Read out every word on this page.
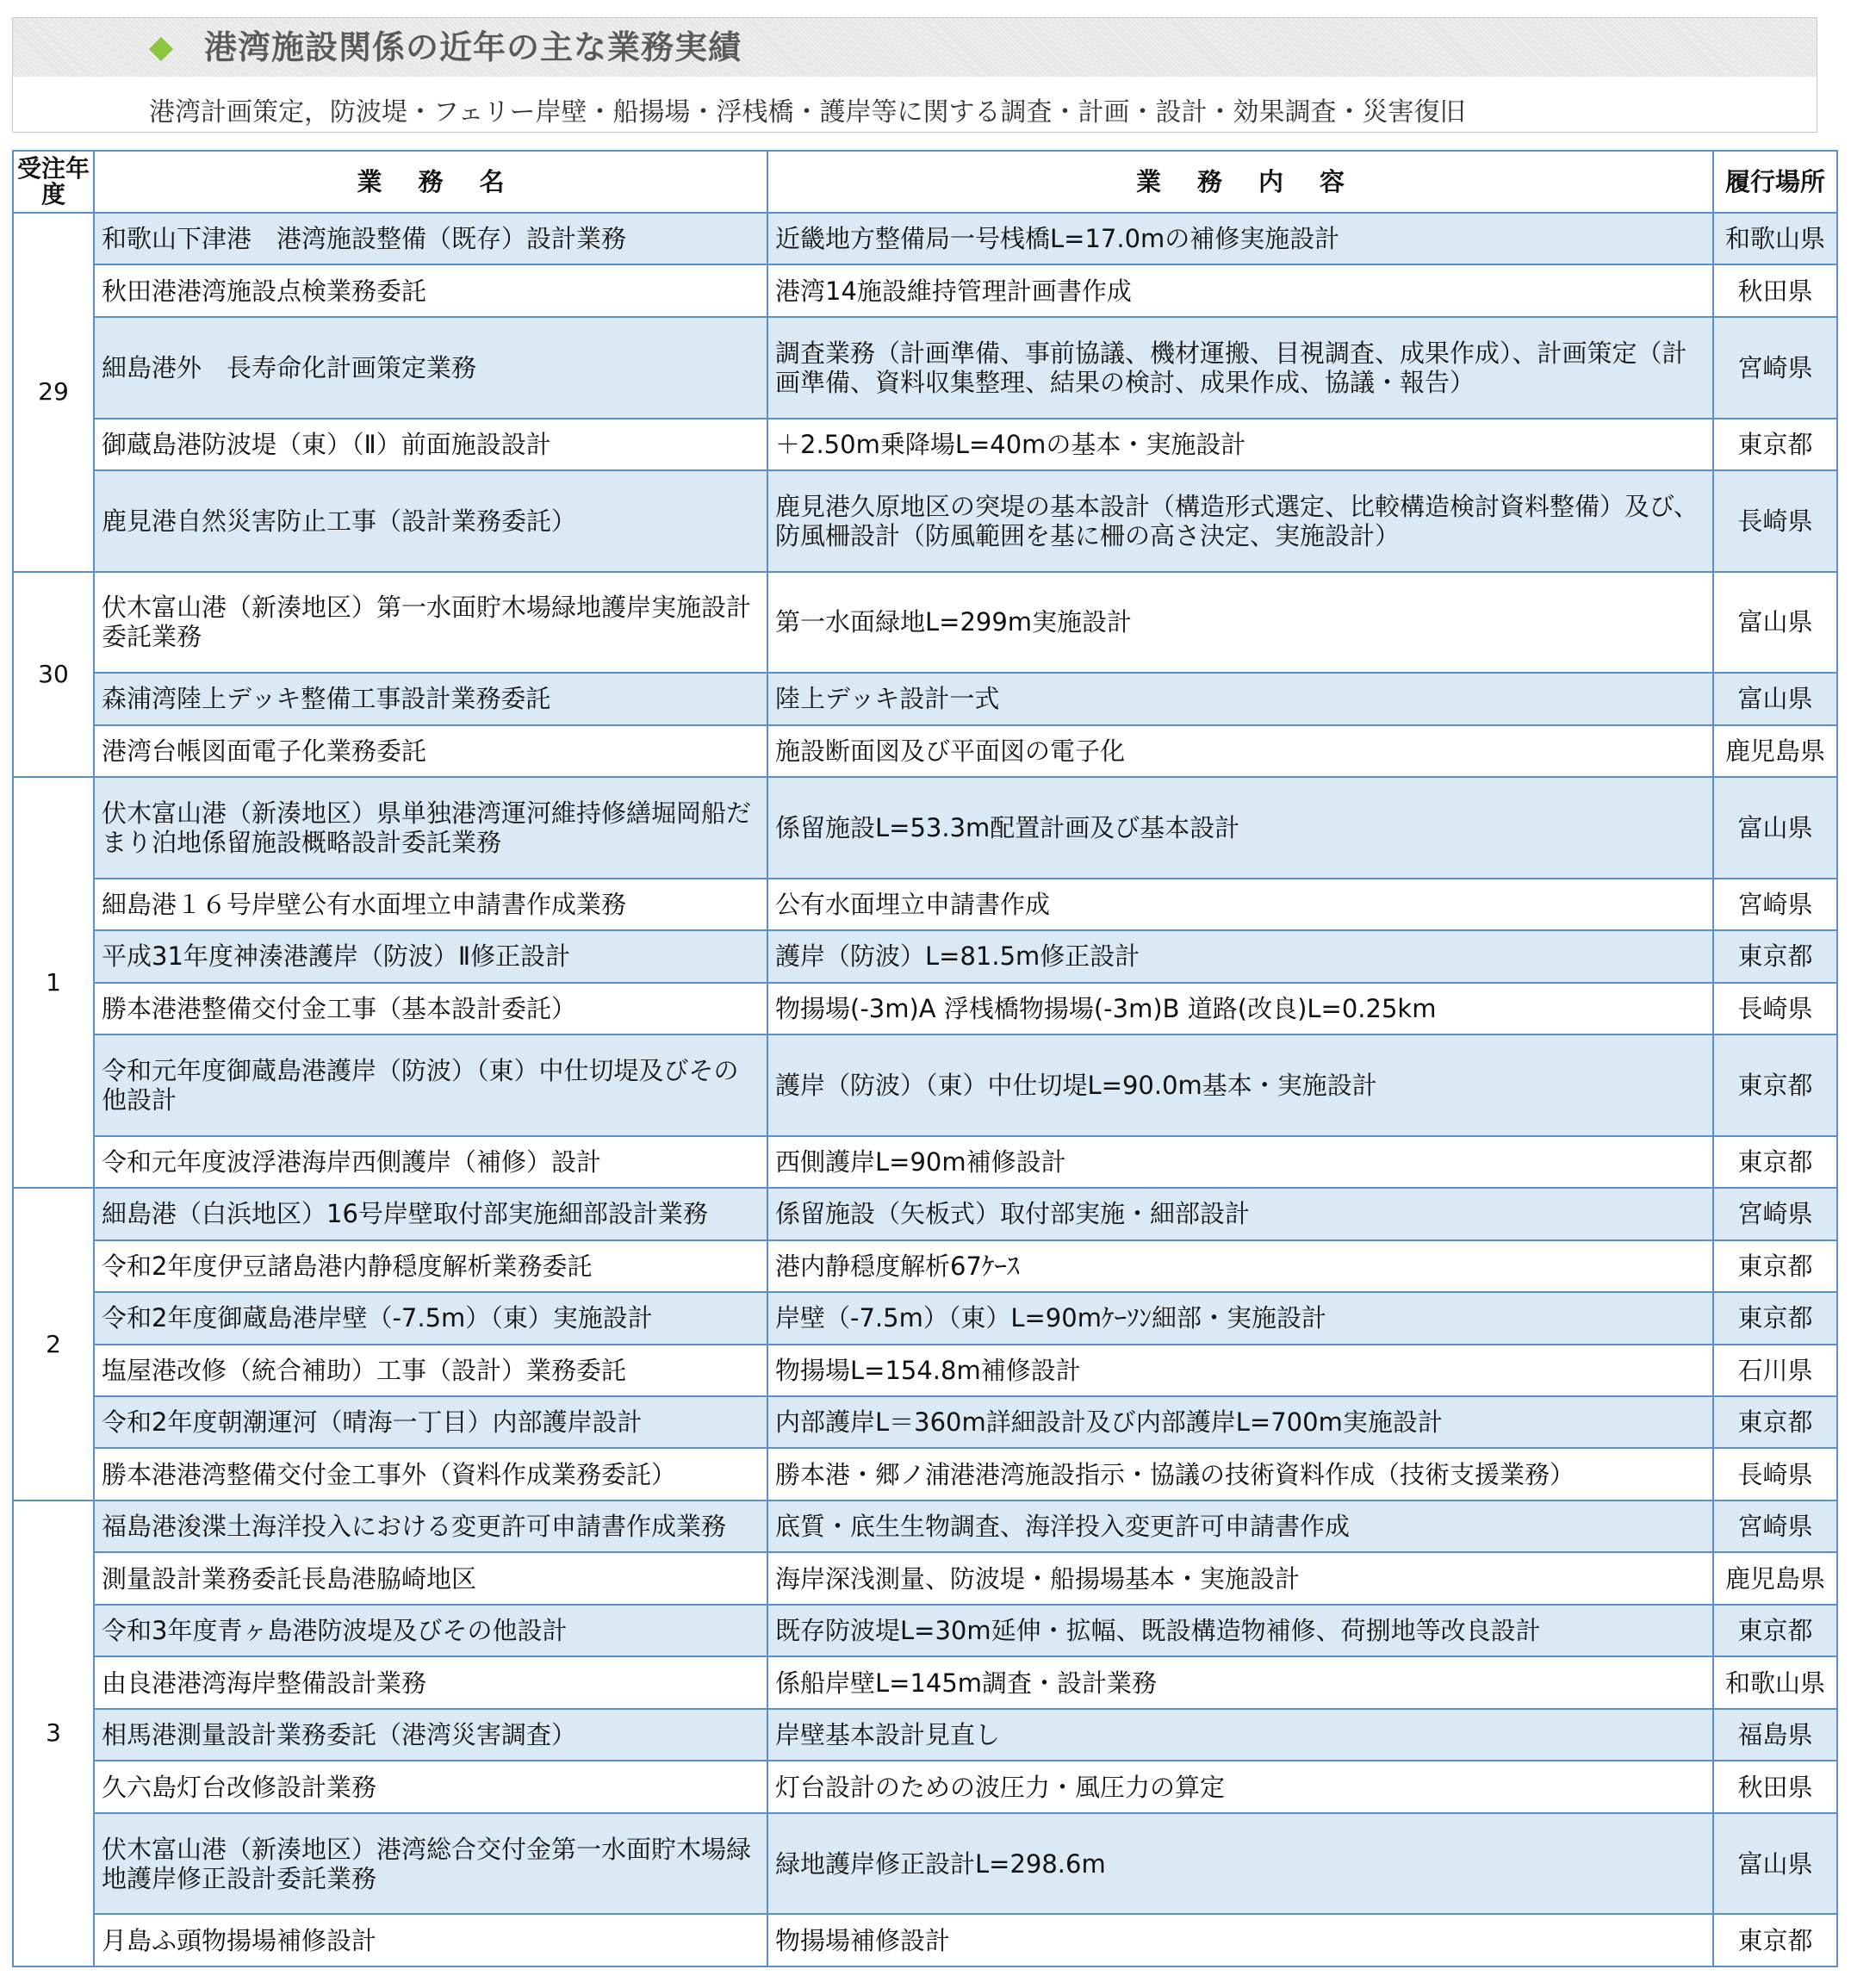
港湾施設関係の近年の主な業務実績
港湾計画策定，防波堤・フェリー岸壁・船揚場・浮桟橋・護岸等に関する調査・計画・設計・効果調査・災害復旧
受注年度	業務名	業務内容	履行場所
29	和歌山下津港　港湾施設整備（既存）設計業務	近畿地方整備局一号桟橋L=17.0mの補修実施設計	和歌山県
	秋田港港湾施設点検業務委託	港湾14施設維持管理計画書作成	秋田県
	細島港外　長寿命化計画策定業務	調査業務（計画準備、事前協議、機材運搬、目視調査、成果作成）、計画策定（計画準備、資料収集整理、結果の検討、成果作成、協議・報告）	宮崎県
	御蔵島港防波堤（東）（Ⅱ）前面施設設計	＋2.50m乗降場L=40mの基本・実施設計	東京都
	鹿見港自然災害防止工事（設計業務委託）	鹿見港久原地区の突堤の基本設計（構造形式選定、比較構造検討資料整備）及び、防風柵設計（防風範囲を基に柵の高さ決定、実施設計）	長崎県
30	伏木富山港（新湊地区）第一水面貯木場緑地護岸実施設計委託業務	第一水面緑地L=299m実施設計	富山県
	森浦湾陸上デッキ整備工事設計業務委託	陸上デッキ設計一式	富山県
	港湾台帳図面電子化業務委託	施設断面図及び平面図の電子化	鹿児島県
1	伏木富山港（新湊地区）県単独港湾運河維持修繕堀岡船だまり泊地係留施設概略設計委託業務	係留施設L=53.3m配置計画及び基本設計	富山県
	細島港１６号岸壁公有水面埋立申請書作成業務	公有水面埋立申請書作成	宮崎県
	平成31年度神湊港護岸（防波）Ⅱ修正設計	護岸（防波）L=81.5m修正設計	東京都
	勝本港港整備交付金工事（基本設計委託）	物揚場(-3m)A 浮桟橋物揚場(-3m)B 道路(改良)L=0.25km	長崎県
	令和元年度御蔵島港護岸（防波）（東）中仕切堤及びその他設計	護岸（防波）（東）中仕切堤L=90.0m基本・実施設計	東京都
	令和元年度波浮港海岸西側護岸（補修）設計	西側護岸L=90m補修設計	東京都
2	細島港（白浜地区）16号岸壁取付部実施細部設計業務	係留施設（矢板式）取付部実施・細部設計	宮崎県
	令和2年度伊豆諸島港内静穏度解析業務委託	港内静穏度解析67ｹｰｽ	東京都
	令和2年度御蔵島港岸壁（-7.5m）（東）実施設計	岸壁（-7.5m）（東）L=90mｹｰｿﾝ細部・実施設計	東京都
	塩屋港改修（統合補助）工事（設計）業務委託	物揚場L=154.8m補修設計	石川県
	令和2年度朝潮運河（晴海一丁目）内部護岸設計	内部護岸L＝360m詳細設計及び内部護岸L=700m実施設計	東京都
	勝本港港湾整備交付金工事外（資料作成業務委託）	勝本港・郷ノ浦港港湾施設指示・協議の技術資料作成（技術支援業務）	長崎県
3	福島港浚渫土海洋投入における変更許可申請書作成業務	底質・底生生物調査、海洋投入変更許可申請書作成	宮崎県
	測量設計業務委託長島港脇崎地区	海岸深浅測量、防波堤・船揚場基本・実施設計	鹿児島県
	令和3年度青ヶ島港防波堤及びその他設計	既存防波堤L=30m延伸・拡幅、既設構造物補修、荷捌地等改良設計	東京都
	由良港港湾海岸整備設計業務	係船岸壁L=145m調査・設計業務	和歌山県
	相馬港測量設計業務委託（港湾災害調査）	岸壁基本設計見直し	福島県
	久六島灯台改修設計業務	灯台設計のための波圧力・風圧力の算定	秋田県
	伏木富山港（新湊地区）港湾総合交付金第一水面貯木場緑地護岸修正設計委託業務	緑地護岸修正設計L=298.6m	富山県
	月島ふ頭物揚場補修設計	物揚場補修設計	東京都
